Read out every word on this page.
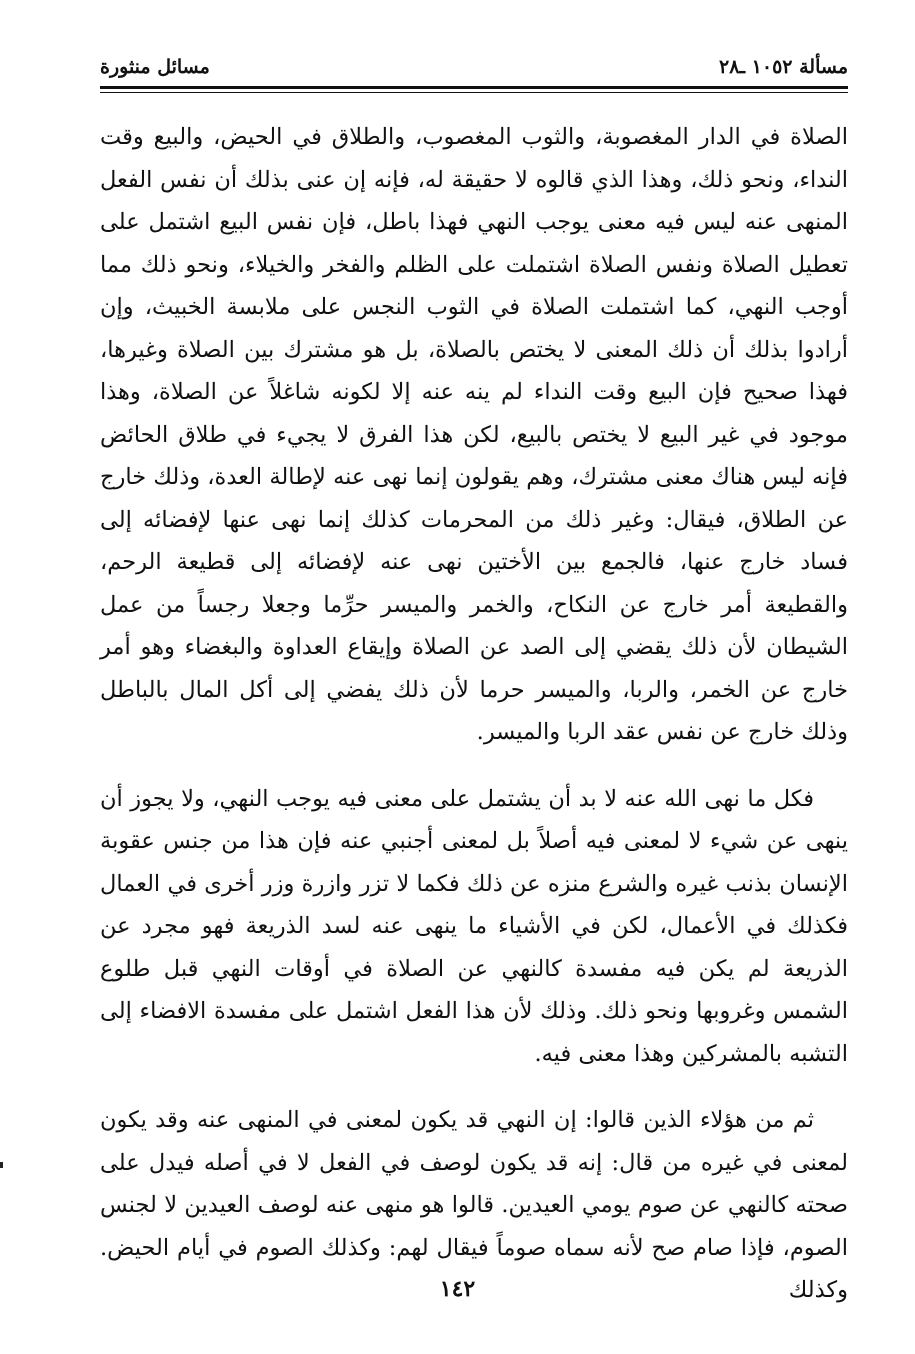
مسألة ١٠٥٢ ـ٢٨
مسائل منثورة

الصلاة في الدار المغصوبة، والثوب المغصوب، والطلاق في الحيض، والبيع وقت النداء، ونحو ذلك، وهذا الذي قالوه لا حقيقة له، فإنه إن عنى بذلك أن نفس الفعل المنهى عنه ليس فيه معنى يوجب النهي فهذا باطل، فإن نفس البيع اشتمل على تعطيل الصلاة ونفس الصلاة اشتملت على الظلم والفخر والخيلاء، ونحو ذلك مما أوجب النهي، كما اشتملت الصلاة في الثوب النجس على ملابسة الخبيث، وإن أرادوا بذلك أن ذلك المعنى لا يختص بالصلاة، بل هو مشترك بين الصلاة وغيرها، فهذا صحيح فإن البيع وقت النداء لم ينه عنه إلا لكونه شاغلاً عن الصلاة، وهذا موجود في غير البيع لا يختص بالبيع، لكن هذا الفرق لا يجيء في طلاق الحائض فإنه ليس هناك معنى مشترك، وهم يقولون إنما نهى عنه لإطالة العدة، وذلك خارج عن الطلاق، فيقال: وغير ذلك من المحرمات كذلك إنما نهى عنها لإفضائه إلى فساد خارج عنها، فالجمع بين الأختين نهى عنه لإفضائه إلى قطيعة الرحم، والقطيعة أمر خارج عن النكاح، والخمر والميسر حرِّما وجعلا رجساً من عمل الشيطان لأن ذلك يقضي إلى الصد عن الصلاة وإيقاع العداوة والبغضاء وهو أمر خارج عن الخمر، والربا، والميسر حرما لأن ذلك يفضي إلى أكل المال بالباطل وذلك خارج عن نفس عقد الربا والميسر.

فكل ما نهى الله عنه لا بد أن يشتمل على معنى فيه يوجب النهي، ولا يجوز أن ينهى عن شيء لا لمعنى فيه أصلاً بل لمعنى أجنبي عنه فإن هذا من جنس عقوبة الإنسان بذنب غيره والشرع منزه عن ذلك فكما لا تزر وازرة وزر أخرى في العمال فكذلك في الأعمال، لكن في الأشياء ما ينهى عنه لسد الذريعة فهو مجرد عن الذريعة لم يكن فيه مفسدة كالنهي عن الصلاة في أوقات النهي قبل طلوع الشمس وغروبها ونحو ذلك. وذلك لأن هذا الفعل اشتمل على مفسدة الافضاء إلى التشبه بالمشركين وهذا معنى فيه.

ثم من هؤلاء الذين قالوا: إن النهي قد يكون لمعنى في المنهى عنه وقد يكون لمعنى في غيره من قال: إنه قد يكون لوصف في الفعل لا في أصله فيدل على صحته كالنهي عن صوم يومي العيدين. قالوا هو منهى عنه لوصف العيدين لا لجنس الصوم، فإذا صام صح لأنه سماه صوماً فيقال لهم: وكذلك الصوم في أيام الحيض. وكذلك

١٤٢
